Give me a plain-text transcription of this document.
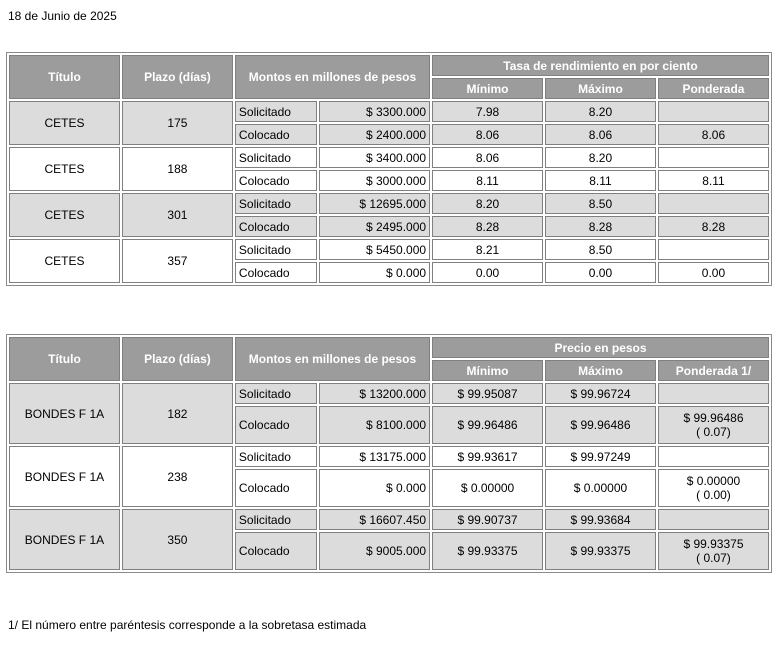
18 de Junio de 2025
Título	Plazo (días)	Montos en millones de pesos		Tasa de rendimiento en por ciento		
				Mínimo	Máximo	Ponderada
CETES	175	Solicitado	$ 3300.000	7.98	8.20	
		Colocado	$ 2400.000	8.06	8.06	8.06
CETES	188	Solicitado	$ 3400.000	8.06	8.20	
		Colocado	$ 3000.000	8.11	8.11	8.11
CETES	301	Solicitado	$ 12695.000	8.20	8.50	
		Colocado	$ 2495.000	8.28	8.28	8.28
CETES	357	Solicitado	$ 5450.000	8.21	8.50	
		Colocado	$ 0.000	0.00	0.00	0.00
Título	Plazo (días)	Montos en millones de pesos		Precio en pesos		
				Mínimo	Máximo	Ponderada 1/
BONDES F 1A	182	Solicitado	$ 13200.000	$ 99.95087	$ 99.96724	
		Colocado	$ 8100.000	$ 99.96486	$ 99.96486	$ 99.96486
( 0.07)

BONDES F 1A	238	Solicitado	$ 13175.000	$ 99.93617	$ 99.97249	
		Colocado	$ 0.000	$ 0.00000	$ 0.00000	$ 0.00000
( 0.00)

BONDES F 1A	350	Solicitado	$ 16607.450	$ 99.90737	$ 99.93684	
		Colocado	$ 9005.000	$ 99.93375	$ 99.93375	$ 99.93375
( 0.07)
1/ El número entre paréntesis corresponde a la sobretasa estimada
